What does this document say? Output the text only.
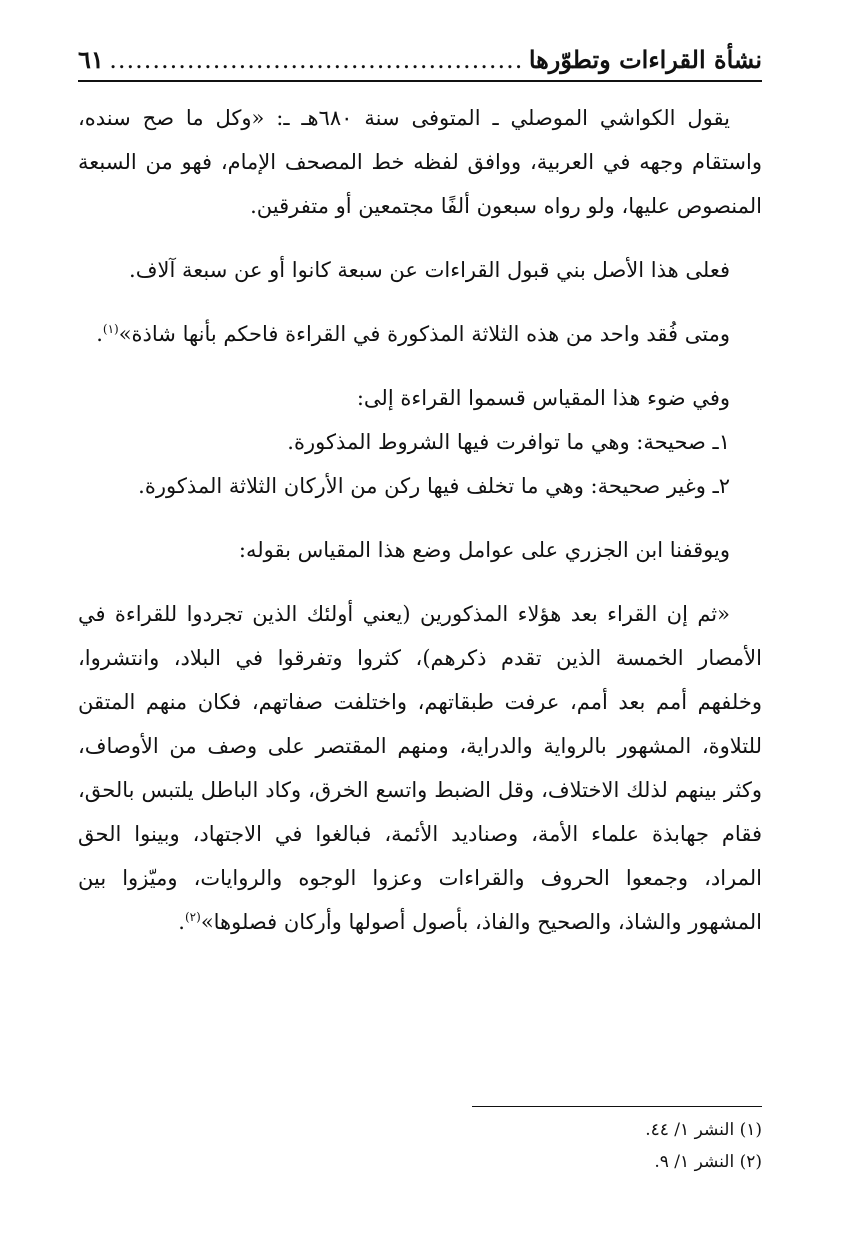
نشأة القراءات وتطوّرها
................................................
٦١

يقول الكواشي الموصلي ـ المتوفى سنة ٦٨٠هـ ـ: «وكل ما صح سنده، واستقام وجهه في العربية، ووافق لفظه خط المصحف الإمام، فهو من السبعة المنصوص عليها، ولو رواه سبعون ألفًا مجتمعين أو متفرقين.

فعلى هذا الأصل بني قبول القراءات عن سبعة كانوا أو عن سبعة آلاف.

ومتى فُقد واحد من هذه الثلاثة المذكورة في القراءة فاحكم بأنها شاذة»$^{(١)}$.

وفي ضوء هذا المقياس قسموا القراءة إلى:

١ـ صحيحة: وهي ما توافرت فيها الشروط المذكورة.

٢ـ وغير صحيحة: وهي ما تخلف فيها ركن من الأركان الثلاثة المذكورة.

ويوقفنا ابن الجزري على عوامل وضع هذا المقياس بقوله:

«ثم إن القراء بعد هؤلاء المذكورين (يعني أولئك الذين تجردوا للقراءة في الأمصار الخمسة الذين تقدم ذكرهم)، كثروا وتفرقوا في البلاد، وانتشروا، وخلفهم أمم بعد أمم، عرفت طبقاتهم، واختلفت صفاتهم، فكان منهم المتقن للتلاوة، المشهور بالرواية والدراية، ومنهم المقتصر على وصف من الأوصاف، وكثر بينهم لذلك الاختلاف، وقل الضبط واتسع الخرق، وكاد الباطل يلتبس بالحق، فقام جهابذة علماء الأمة، وصناديد الأئمة، فبالغوا في الاجتهاد، وبينوا الحق المراد، وجمعوا الحروف والقراءات وعزوا الوجوه والروايات، وميّزوا بين المشهور والشاذ، والصحيح والفاذ، بأصول أصولها وأركان فصلوها»$^{(٢)}$.

(١) النشر ١/ ٤٤.
(٢) النشر ١/ ٩.
